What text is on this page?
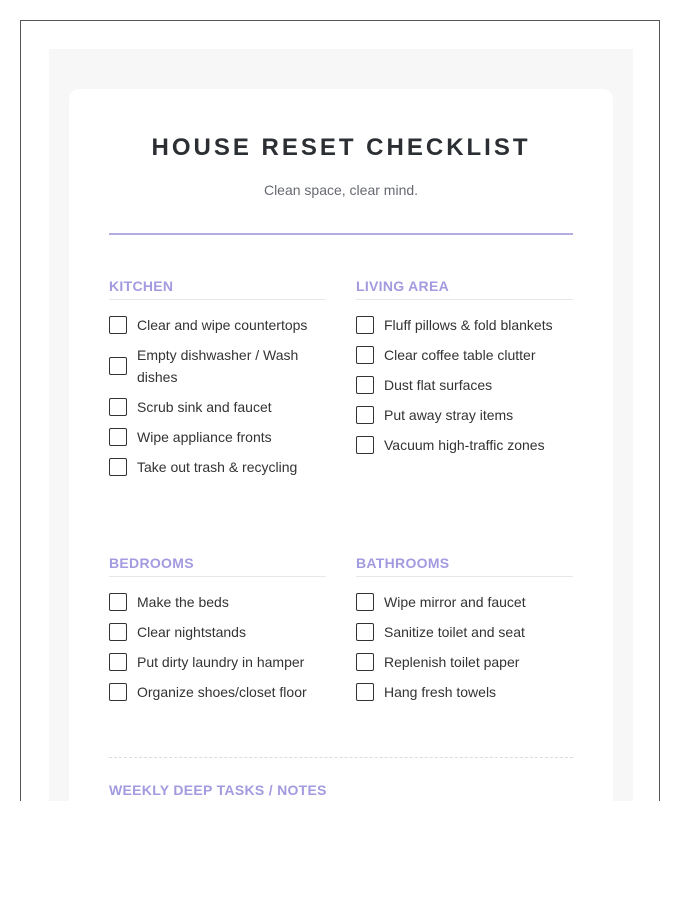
HOUSE RESET CHECKLIST
Clean space, clear mind.
KITCHEN
Clear and wipe countertops
Empty dishwasher / Wash dishes
Scrub sink and faucet
Wipe appliance fronts
Take out trash & recycling
LIVING AREA
Fluff pillows & fold blankets
Clear coffee table clutter
Dust flat surfaces
Put away stray items
Vacuum high-traffic zones
BEDROOMS
Make the beds
Clear nightstands
Put dirty laundry in hamper
Organize shoes/closet floor
BATHROOMS
Wipe mirror and faucet
Sanitize toilet and seat
Replenish toilet paper
Hang fresh towels
WEEKLY DEEP TASKS / NOTES
